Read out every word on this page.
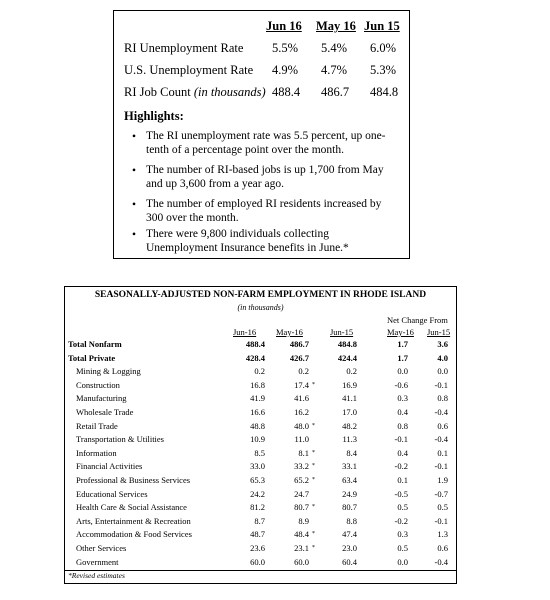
Jun 16 May 16 Jun 15
RI Unemployment Rate 5.5% 5.4% 6.0%
U.S. Unemployment Rate 4.9% 4.7% 5.3%
RI Job Count (in thousands) 488.4 486.7 484.8
Highlights:
• The RI unemployment rate was 5.5 percent, up one-tenth of a percentage point over the month.
• The number of RI-based jobs is up 1,700 from May and up 3,600 from a year ago.
• The number of employed RI residents increased by 300 over the month.
• There were 9,800 individuals collecting Unemployment Insurance benefits in June.*
SEASONALLY-ADJUSTED NON-FARM EMPLOYMENT IN RHODE ISLAND
(in thousands)
Net Change From
Jun-16 May-16	Jun-15	May-16 Jun-15
Total Nonfarm	488.4	486.7	484.8	1.7	3.6
Total Private	428.4	426.7	424.4	1.7	4.0
Mining & Logging	0.2	0.2	0.2	0.0	0.0
Construction	16.8	17.4	16.9	-0.6	-0.1
*
Manufacturing	41.9	41.6	41.1	0.3	0.8
Wholesale Trade	16.6	16.2	17.0	0.4	-0.4
Retail Trade	48.8	48.0	48.2	0.8	0.6
*
Transportation & Utilities	10.9	11.0	11.3	-0.1	-0.4
Information	8.5	8.1	8.4	0.4	0.1
*
Financial Activities	33.0	33.2	33.1	-0.2	-0.1
*
Professional & Business Services	65.3	65.2	63.4	0.1	1.9
*
Educational Services	24.2	24.7	24.9	-0.5	-0.7
Health Care & Social Assistance	81.2	80.7	80.7	0.5	0.5
*
Arts, Entertainment & Recreation	8.7	8.9	8.8	-0.2	-0.1
Accommodation & Food Services	48.7	48.4	47.4	0.3	1.3
*
Other Services	23.6	23.1	23.0	0.5	0.6
*
Government	60.0	60.0	60.4	0.0	-0.4
*Revised estimates
